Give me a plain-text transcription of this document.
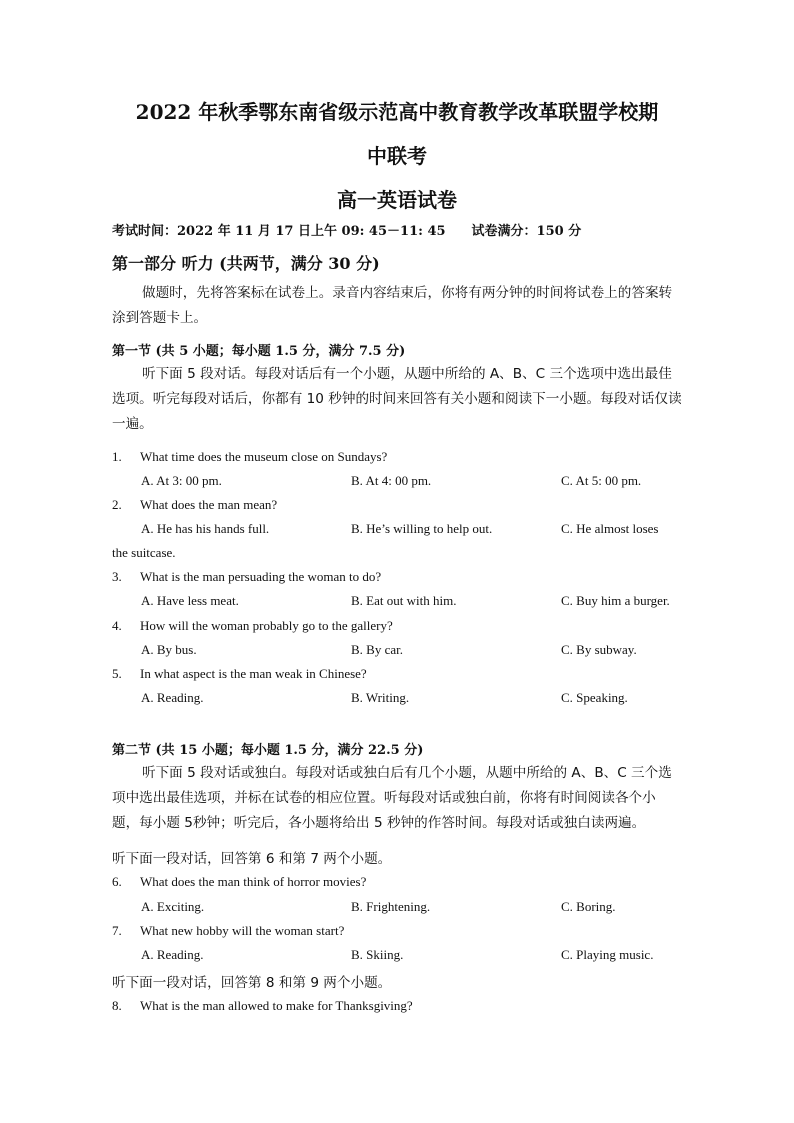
2022 年秋季鄂东南省级示范高中教育教学改革联盟学校期
中联考
高一英语试卷
考试时间：2022 年 11 月 17 日上午 09: 45－11: 45 试卷满分：150 分
第一部分 听力 (共两节，满分 30 分)
做题时，先将答案标在试卷上。录音内容结束后，你将有两分钟的时间将试卷上的答案转涂到答题卡上。
第一节 (共 5 小题；每小题 1.5 分，满分 7.5 分)
听下面 5 段对话。每段对话后有一个小题，从题中所给的 A、B、C 三个选项中选出最佳选项。听完每段对话后，你都有 10 秒钟的时间来回答有关小题和阅读下一小题。每段对话仅读一遍。
1. What time does the museum close on Sundays?
A. At 3: 00 pm.	B. At 4: 00 pm.	C. At 5: 00 pm.
2. What does the man mean?
A. He has his hands full.	B. He’s willing to help out.	C. He almost loses
the suitcase.
3. What is the man persuading the woman to do?
A. Have less meat.	B. Eat out with him.	C. Buy him a burger.
4. How will the woman probably go to the gallery?
A. By bus.	B. By car.	C. By subway.
5. In what aspect is the man weak in Chinese?
A. Reading.	B. Writing.	C. Speaking.
第二节 (共 15 小题；每小题 1.5 分，满分 22.5 分)
听下面 5 段对话或独白。每段对话或独白后有几个小题，从题中所给的 A、B、C 三个选项中选出最佳选项，并标在试卷的相应位置。听每段对话或独白前，你将有时间阅读各个小题，每小题 5秒钟；听完后，各小题将给出 5 秒钟的作答时间。每段对话或独白读两遍。
听下面一段对话，回答第 6 和第 7 两个小题。
6. What does the man think of horror movies?
A. Exciting.	B. Frightening.	C. Boring.
7. What new hobby will the woman start?
A. Reading.	B. Skiing.	C. Playing music.
听下面一段对话，回答第 8 和第 9 两个小题。
8. What is the man allowed to make for Thanksgiving?
